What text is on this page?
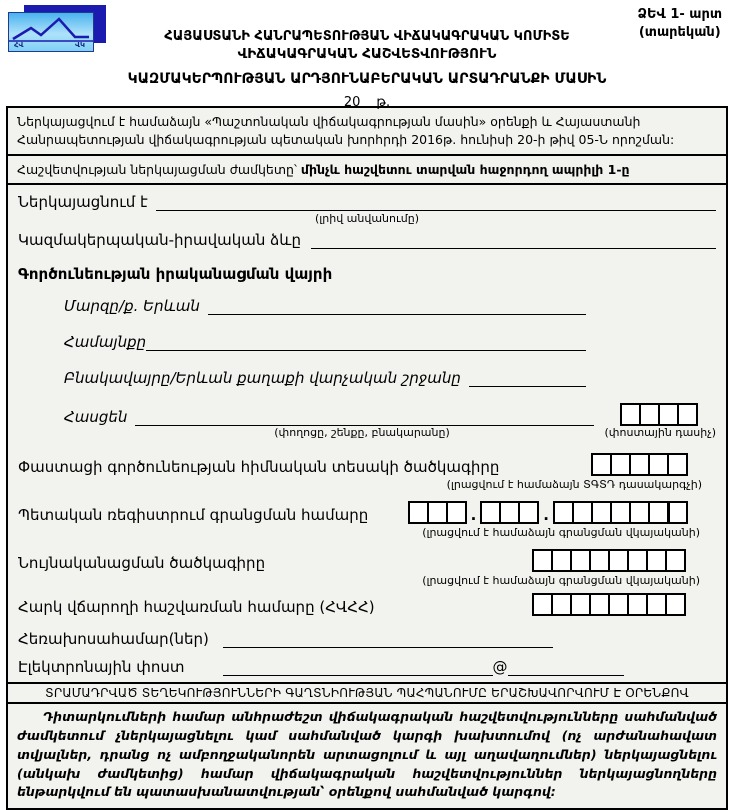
ՀՎ	ՎԿ
ՁԵՎ 1- արտ
(տարեկան)
ՀԱՅԱՍՏԱՆԻ ՀԱՆՐԱՊԵՏՈՒԹՅԱՆ ՎԻՃԱԿԱԳՐԱԿԱՆ ԿՈՄԻՏԵ
ՎԻՃԱԿԱԳՐԱԿԱՆ ՀԱՇՎԵՏՎՈՒԹՅՈՒՆ
ԿԱԶՄԱԿԵՐՊՈՒԹՅԱՆ ԱՐԴՅՈՒՆԱԲԵՐԱԿԱՆ ԱՐՏԱԴՐԱՆՔԻ ՄԱՍԻՆ
20 թ.
Ներկայացվում է համաձայն «Պաշտոնական վիճակագրության մասին» օրենքի և Հայաստանի Հանրապետության վիճակագրության պետական խորհրդի 2016թ. հունիսի 20-ի թիվ 05-Ն որոշման:
Հաշվետվության ներկայացման ժամկետը՝ մինչև հաշվետու տարվան հաջորդող ապրիլի 1-ը
Ներկայացնում է
(լրիվ անվանումը)
Կազմակերպական-իրավական ձևը
Գործունեության իրականացման վայրի
Մարզը/ք. Երևան
Համայնքը
Բնակավայրը/Երևան քաղաքի վարչական շրջանը
Հասցեն
(փողոցը, շենքը, բնակարանը)	(փոստային դասիչ)
Փաստացի գործունեության հիմնական տեսակի ծածկագիրը
(լրացվում է համաձայն ՏԳՏԴ դասակարգչի)
Պետական ռեգիստրում գրանցման համարը	.	.
(լրացվում է համաձայն գրանցման վկայականի)
Նույնականացման ծածկագիրը
(լրացվում է համաձայն գրանցման վկայականի)
Հարկ վճարողի հաշվառման համարը (ՀՎՀՀ)
Հեռախոսահամար(ներ)
Էլեկտրոնային փոստ	@
ՏՐԱՄԱԴՐՎԱԾ ՏԵՂԵԿՈՒԹՅՈՒՆՆԵՐԻ ԳԱՂՏՆԻՈՒԹՅԱՆ ՊԱՀՊԱՆՈՒՄԸ ԵՐԱՇԽԱՎՈՐՎՈՒՄ Է ՕՐԵՆՔՈՎ
Դիտարկումների համար անհրաժեշտ վիճակագրական հաշվետվությունները սահմանված ժամկետում չներկայացնելու կամ սահմանված կարգի խախտումով (ոչ արժանահավատ տվյալներ, դրանց ոչ ամբողջականորեն արտացոլում և այլ աղավաղումներ) ներկայացնելու (անկախ ժամկետից) համար վիճակագրական հաշվետվություններ ներկայացնողները ենթարկվում են պատասխանատվության՝ օրենքով սահմանված կարգով:
